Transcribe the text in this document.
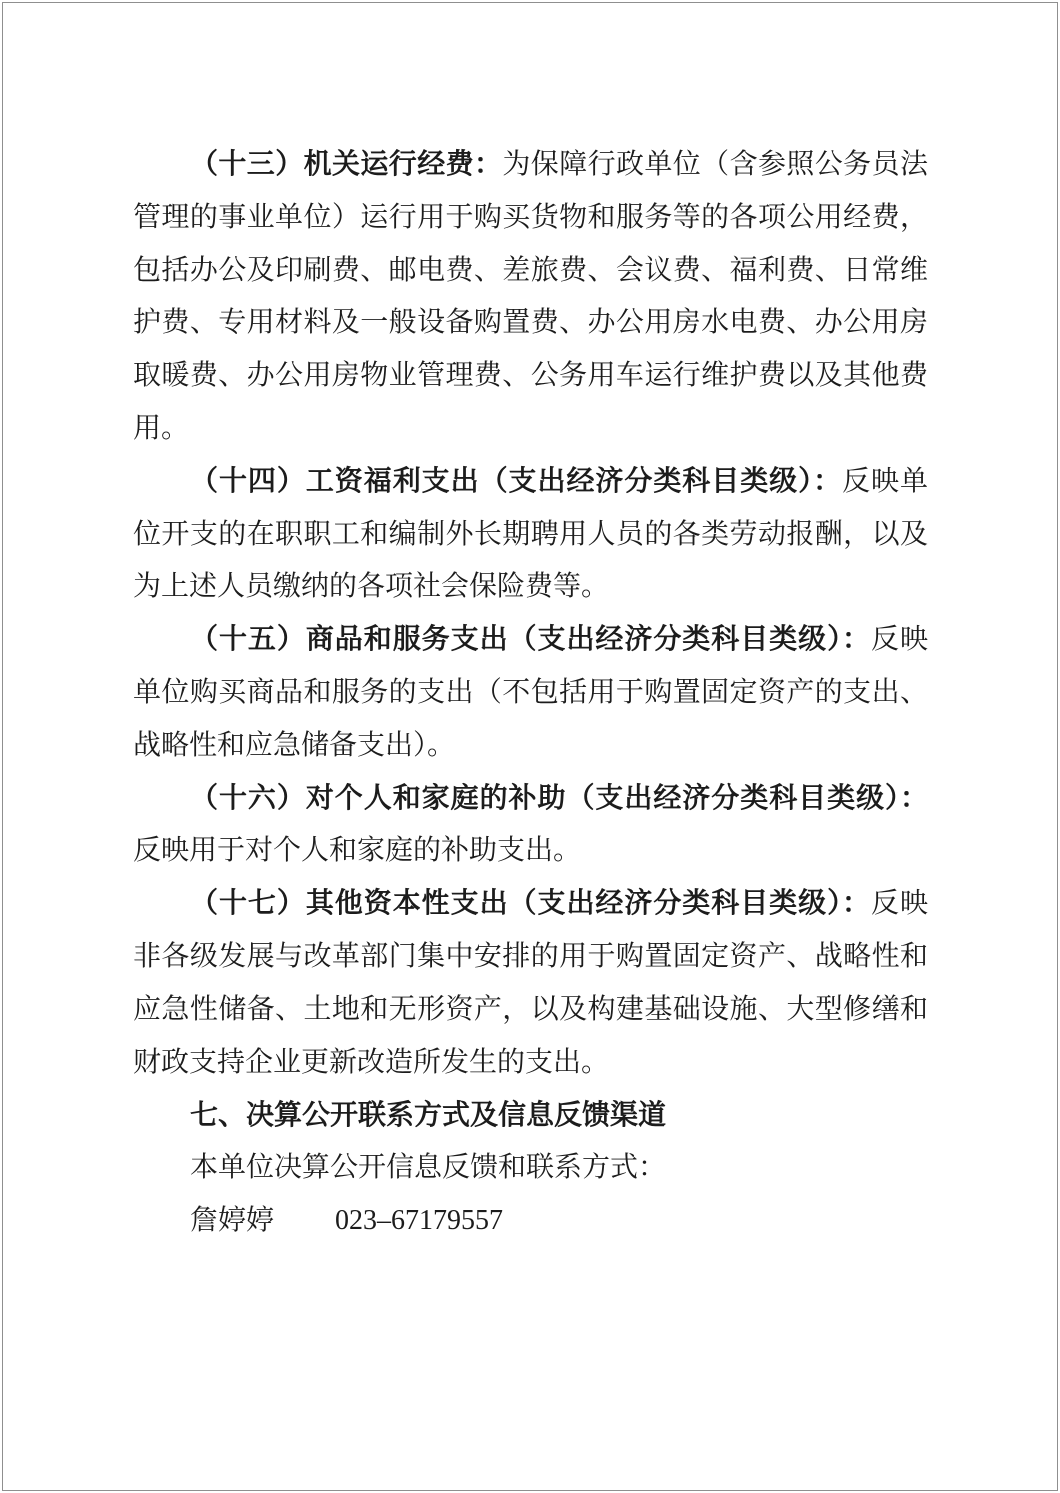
（十三）机关运行经费：为保障行政单位（含参照公务员法
管理的事业单位）运行用于购买货物和服务等的各项公用经费，
包括办公及印刷费、邮电费、差旅费、会议费、福利费、日常维
护费、专用材料及一般设备购置费、办公用房水电费、办公用房
取暖费、办公用房物业管理费、公务用车运行维护费以及其他费
用。
（十四）工资福利支出（支出经济分类科目类级）：反映单
位开支的在职职工和编制外长期聘用人员的各类劳动报酬，以及
为上述人员缴纳的各项社会保险费等。
（十五）商品和服务支出（支出经济分类科目类级）：反映
单位购买商品和服务的支出（不包括用于购置固定资产的支出、
战略性和应急储备支出）。
（十六）对个人和家庭的补助（支出经济分类科目类级）：
反映用于对个人和家庭的补助支出。
（十七）其他资本性支出（支出经济分类科目类级）：反映
非各级发展与改革部门集中安排的用于购置固定资产、战略性和
应急性储备、土地和无形资产，以及构建基础设施、大型修缮和
财政支持企业更新改造所发生的支出。
七、决算公开联系方式及信息反馈渠道
本单位决算公开信息反馈和联系方式：
詹婷婷 023–67179557
